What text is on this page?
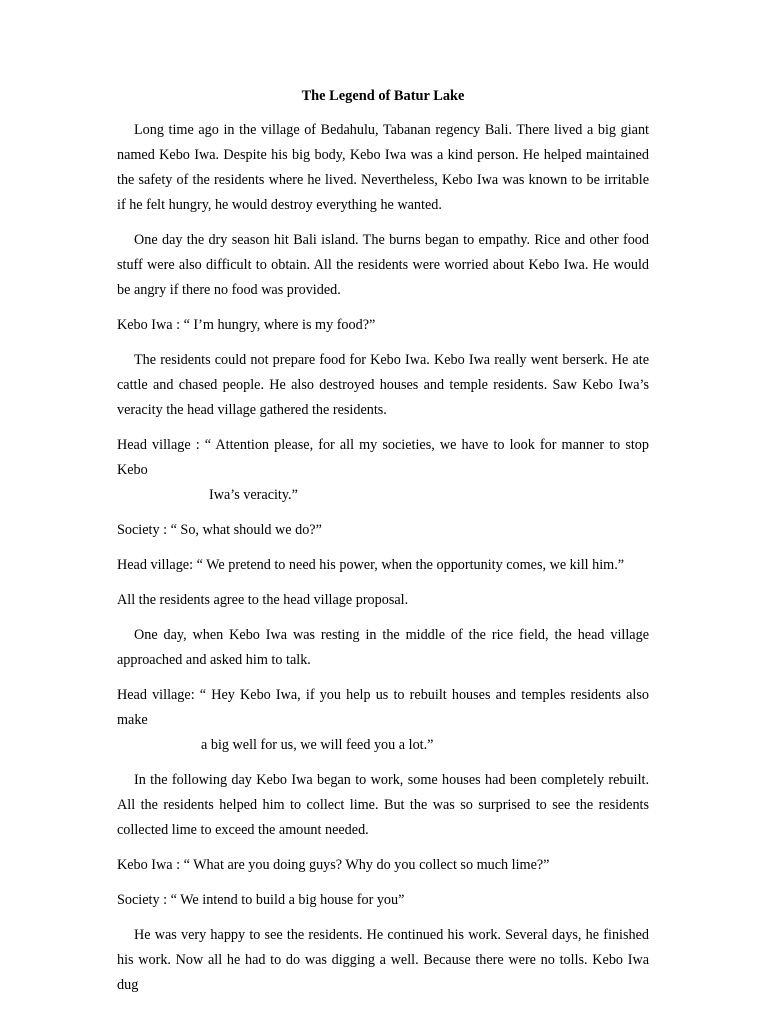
The Legend of Batur Lake

Long time ago in the village of Bedahulu, Tabanan regency Bali. There lived a big giant named Kebo Iwa. Despite his big body, Kebo Iwa was a kind person. He helped maintained the safety of the residents where he lived. Nevertheless, Kebo Iwa was known to be irritable if he felt hungry, he would destroy everything he wanted.

One day the dry season hit Bali island. The burns began to empathy. Rice and other food stuff were also difficult to obtain. All the residents were worried about Kebo Iwa. He would be angry if there no food was provided.

Kebo Iwa : “ I’m hungry, where is my food?”

The residents could not prepare food for Kebo Iwa. Kebo Iwa really went berserk. He ate cattle and chased people. He also destroyed houses and temple residents. Saw Kebo Iwa’s veracity the head village gathered the residents.

Head village : “ Attention please, for all my societies, we have to look for manner to stop Kebo
Iwa’s veracity.”

Society : “ So, what should we do?”

Head village: “ We pretend to need his power, when the opportunity comes, we kill him.”

All the residents agree to the head village proposal.

One day, when Kebo Iwa was resting in the middle of the rice field, the head village approached and asked him to talk.

Head village: “ Hey Kebo Iwa, if you help us to rebuilt houses and temples residents also make
a big well for us, we will feed you a lot.”

In the following day Kebo Iwa began to work, some houses had been completely rebuilt. All the residents helped him to collect lime. But the was so surprised to see the residents collected lime to exceed the amount needed.

Kebo Iwa : “ What are you doing guys? Why do you collect so much lime?”

Society : “ We intend to build a big house for you”

He was very happy to see the residents. He continued his work. Several days, he finished his work. Now all he had to do was digging a well. Because there were no tolls. Kebo Iwa dug
